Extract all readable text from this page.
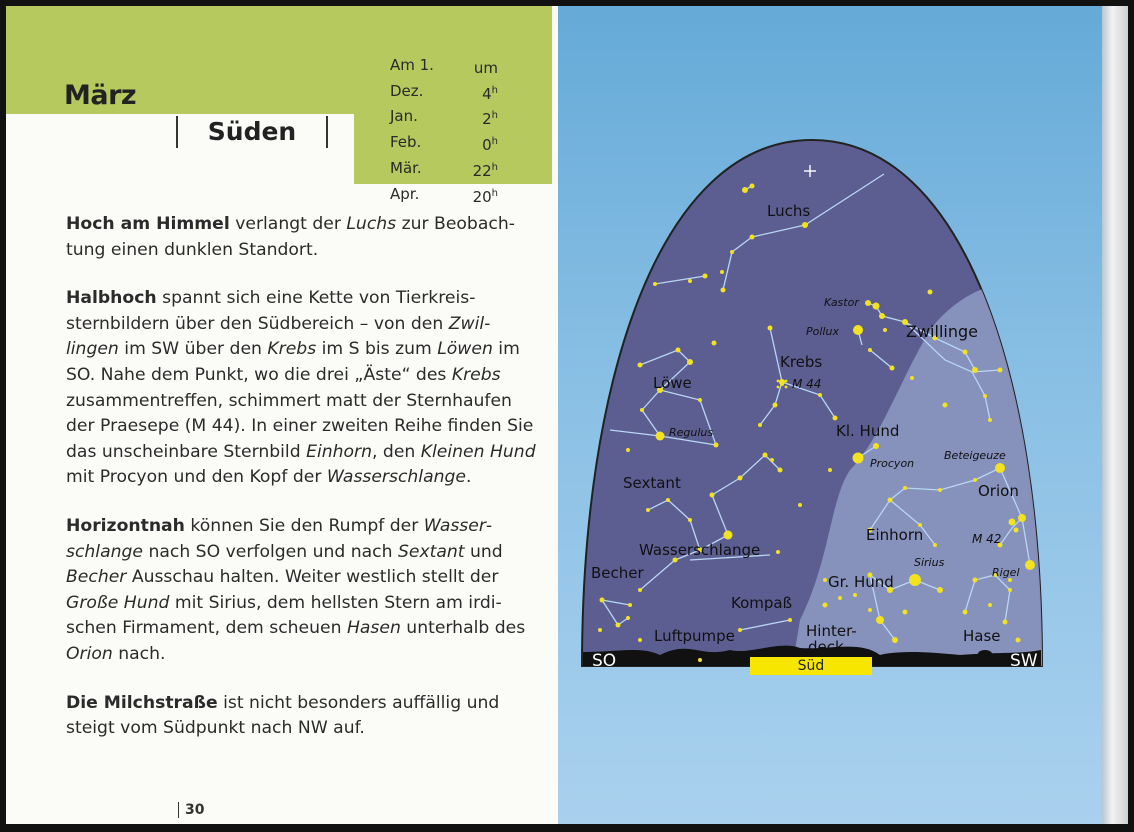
März
Süden
Am 1.	um
Dez.	4$^h$
Jan.	2$^h$
Feb.	0$^h$
Mär.	22$^h$
Apr.	20$^h$

Hoch am Himmel verlangt der Luchs zur Beobachtung einen dunklen Standort.

Halbhoch spannt sich eine Kette von Tierkreissternbildern über den Südbereich – von den Zwillingen im SW über den Krebs im S bis zum Löwen im SO. Nahe dem Punkt, wo die drei „Äste“ des Krebs zusammentreffen, schimmert matt der Sternhaufen der Praesepe (M 44). In einer zweiten Reihe finden Sie das unscheinbare Sternbild Einhorn, den Kleinen Hund mit Procyon und den Kopf der Wasserschlange.

Horizontnah können Sie den Rumpf der Wasserschlange nach SO verfolgen und nach Sextant und Becher Ausschau halten. Weiter westlich stellt der Große Hund mit Sirius, dem hellsten Stern am irdischen Firmament, dem scheuen Hasen unterhalb des Orion nach.

Die Milchstraße ist nicht besonders auffällig und steigt vom Südpunkt nach NW auf.

30
Luchs
Zwillinge
Krebs
Löwe
Kl. Hund
Sextant	Orion
Einhorn
Wasserschlange
Becher	Gr. Hund
Kompaß
Luftpumpe	Hinter-
deck
Hase
Kastor
Pollux
M 44
Regulus
Procyon
Beteigeuze
M 42
Sirius
Rigel
SO	SW
Süd
